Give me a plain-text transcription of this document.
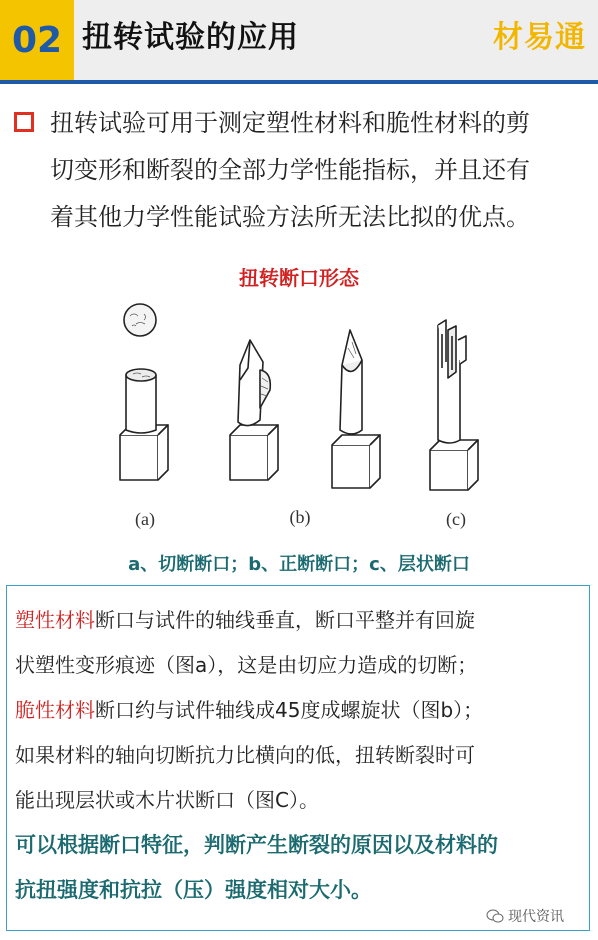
02 扭转试验的应用	材易通
扭转试验可用于测定塑性材料和脆性材料的剪
切变形和断裂的全部力学性能指标，并且还有
着其他力学性能试验方法所无法比拟的优点。
扭转断口形态
(a)	(b)	(c)
a、切断断口；b、正断断口；c、层状断口
塑性材料断口与试件的轴线垂直，断口平整并有回旋
状塑性变形痕迹（图a），这是由切应力造成的切断；
脆性材料断口约与试件轴线成45度成螺旋状（图b）；
如果材料的轴向切断抗力比横向的低，扭转断裂时可
能出现层状或木片状断口（图C）。
可以根据断口特征，判断产生断裂的原因以及材料的
抗扭强度和抗拉（压）强度相对大小。
现代资讯
